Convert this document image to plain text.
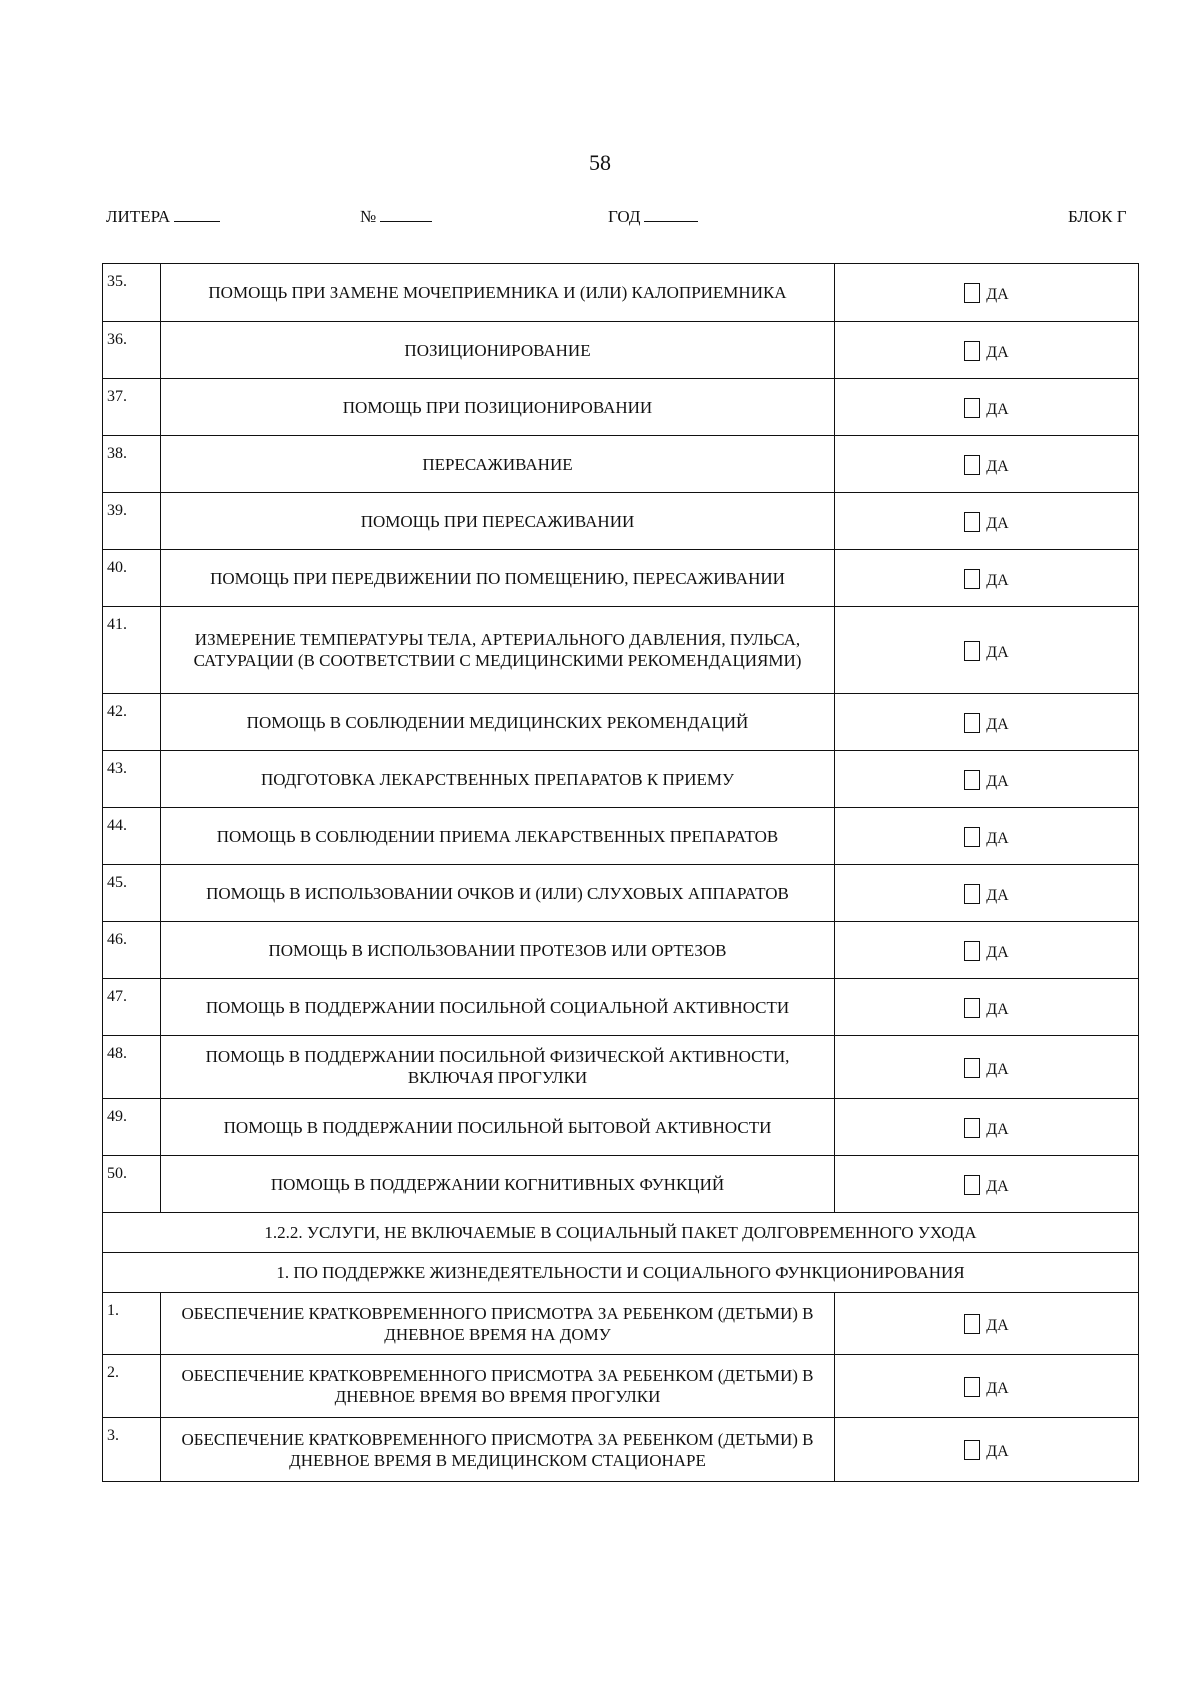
58
ЛИТЕРА	№	ГОД	БЛОК Г
35.	ПОМОЩЬ ПРИ ЗАМЕНЕ МОЧЕПРИЕМНИКА И (ИЛИ) КАЛОПРИЕМНИКА	ДА
36.	ПОЗИЦИОНИРОВАНИЕ	ДА
37.	ПОМОЩЬ ПРИ ПОЗИЦИОНИРОВАНИИ	ДА
38.	ПЕРЕСАЖИВАНИЕ	ДА
39.	ПОМОЩЬ ПРИ ПЕРЕСАЖИВАНИИ	ДА
40.	ПОМОЩЬ ПРИ ПЕРЕДВИЖЕНИИ ПО ПОМЕЩЕНИЮ, ПЕРЕСАЖИВАНИИ	ДА
41.	ИЗМЕРЕНИЕ ТЕМПЕРАТУРЫ ТЕЛА, АРТЕРИАЛЬНОГО ДАВЛЕНИЯ, ПУЛЬСА, САТУРАЦИИ (В СООТВЕТСТВИИ С МЕДИЦИНСКИМИ РЕКОМЕНДАЦИЯМИ)	ДА
42.	ПОМОЩЬ В СОБЛЮДЕНИИ МЕДИЦИНСКИХ РЕКОМЕНДАЦИЙ	ДА
43.	ПОДГОТОВКА ЛЕКАРСТВЕННЫХ ПРЕПАРАТОВ К ПРИЕМУ	ДА
44.	ПОМОЩЬ В СОБЛЮДЕНИИ ПРИЕМА ЛЕКАРСТВЕННЫХ ПРЕПАРАТОВ	ДА
45.	ПОМОЩЬ В ИСПОЛЬЗОВАНИИ ОЧКОВ И (ИЛИ) СЛУХОВЫХ АППАРАТОВ	ДА
46.	ПОМОЩЬ В ИСПОЛЬЗОВАНИИ ПРОТЕЗОВ ИЛИ ОРТЕЗОВ	ДА
47.	ПОМОЩЬ В ПОДДЕРЖАНИИ ПОСИЛЬНОЙ СОЦИАЛЬНОЙ АКТИВНОСТИ	ДА
48.	ПОМОЩЬ В ПОДДЕРЖАНИИ ПОСИЛЬНОЙ ФИЗИЧЕСКОЙ АКТИВНОСТИ, ВКЛЮЧАЯ ПРОГУЛКИ	ДА
49.	ПОМОЩЬ В ПОДДЕРЖАНИИ ПОСИЛЬНОЙ БЫТОВОЙ АКТИВНОСТИ	ДА
50.	ПОМОЩЬ В ПОДДЕРЖАНИИ КОГНИТИВНЫХ ФУНКЦИЙ	ДА
1.2.2. УСЛУГИ, НЕ ВКЛЮЧАЕМЫЕ В СОЦИАЛЬНЫЙ ПАКЕТ ДОЛГОВРЕМЕННОГО УХОДА		
1. ПО ПОДДЕРЖКЕ ЖИЗНЕДЕЯТЕЛЬНОСТИ И СОЦИАЛЬНОГО ФУНКЦИОНИРОВАНИЯ		
1.	ОБЕСПЕЧЕНИЕ КРАТКОВРЕМЕННОГО ПРИСМОТРА ЗА РЕБЕНКОМ (ДЕТЬМИ) В ДНЕВНОЕ ВРЕМЯ НА ДОМУ	ДА
2.	ОБЕСПЕЧЕНИЕ КРАТКОВРЕМЕННОГО ПРИСМОТРА ЗА РЕБЕНКОМ (ДЕТЬМИ) В ДНЕВНОЕ ВРЕМЯ ВО ВРЕМЯ ПРОГУЛКИ	ДА
3.	ОБЕСПЕЧЕНИЕ КРАТКОВРЕМЕННОГО ПРИСМОТРА ЗА РЕБЕНКОМ (ДЕТЬМИ) В ДНЕВНОЕ ВРЕМЯ В МЕДИЦИНСКОМ СТАЦИОНАРЕ	ДА
